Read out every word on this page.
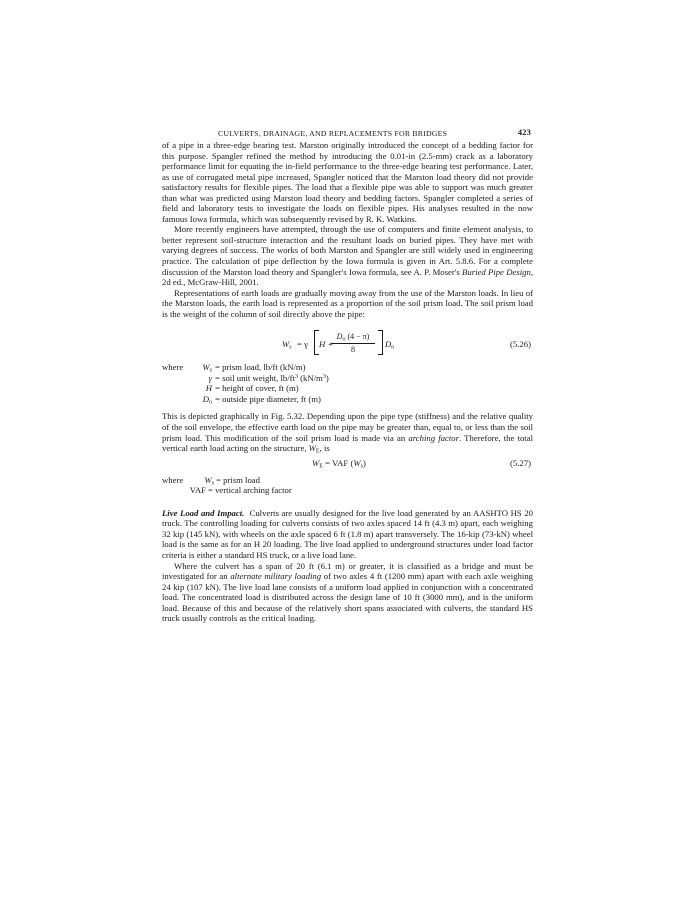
CULVERTS, DRAINAGE, AND REPLACEMENTS FOR BRIDGES	423

of a pipe in a three-edge bearing test. Marston originally introduced the concept of a bedding factor for this purpose. Spangler refined the method by introducing the 0.01-in (2.5-mm) crack as a laboratory performance limit for equating the in-field performance to the three-edge bearing test performance. Later, as use of corrugated metal pipe increased, Spangler noticed that the Marston load theory did not provide satisfactory results for flexible pipes. The load that a flexible pipe was able to support was much greater than what was predicted using Marston load theory and bedding factors. Spangler completed a series of field and laboratory tests to investigate the loads on flexible pipes. His analyses resulted in the now famous Iowa formula, which was subsequently revised by R. K. Watkins.

More recently engineers have attempted, through the use of computers and finite element analysis, to better represent soil-structure interaction and the resultant loads on buried pipes. They have met with varying degrees of success. The works of both Marston and Spangler are still widely used in engineering practice. The calculation of pipe deflection by the Iowa formula is given in Art. 5.8.6. For a complete discussion of the Marston load theory and Spangler's Iowa formula, see A. P. Moser's Buried Pipe Design, 2d ed., McGraw-Hill, 2001.

Representations of earth loads are gradually moving away from the use of the Marston loads. In lieu of the Marston loads, the earth load is represented as a proportion of the soil prism load. The soil prism load is the weight of the column of soil directly above the pipe:

$W_s = \gamma$ H +
$D_o$ (4 − π)
8
$D_o$	(5.26)
where	$W_s$ = prism load, lb/ft (kN/m)
γ = soil unit weight, $lb/ft^3$ $(kN/m^3)$
H = height of cover, ft (m)
$D_o$ = outside pipe diameter, ft (m)

This is depicted graphically in Fig. 5.32. Depending upon the pipe type (stiffness) and the relative quality of the soil envelope, the effective earth load on the pipe may be greater than, equal to, or less than the soil prism load. This modification of the soil prism load is made via an arching factor. Therefore, the total vertical earth load acting on the structure, $W_E$, is

$W_E$ = VAF $(W_s)$	(5.27)
where	$W_s$ = prism load
VAF = vertical arching factor

Live Load and Impact. Culverts are usually designed for the live load generated by an AASHTO HS 20 truck. The controlling loading for culverts consists of two axles spaced 14 ft (4.3 m) apart, each weighing 32 kip (145 kN), with wheels on the axle spaced 6 ft (1.8 m) apart transversely. The 16-kip (73-kN) wheel load is the same as for an H 20 loading. The live load applied to underground structures under load factor criteria is either a standard HS truck, or a live load lane.

Where the culvert has a span of 20 ft (6.1 m) or greater, it is classified as a bridge and must be investigated for an alternate military loading of two axles 4 ft (1200 mm) apart with each axle weighing 24 kip (107 kN). The live load lane consists of a uniform load applied in conjunction with a concentrated load. The concentrated load is distributed across the design lane of 10 ft (3000 mm), and is the uniform load. Because of this and because of the relatively short spans associated with culverts, the standard HS truck usually controls as the critical loading.
